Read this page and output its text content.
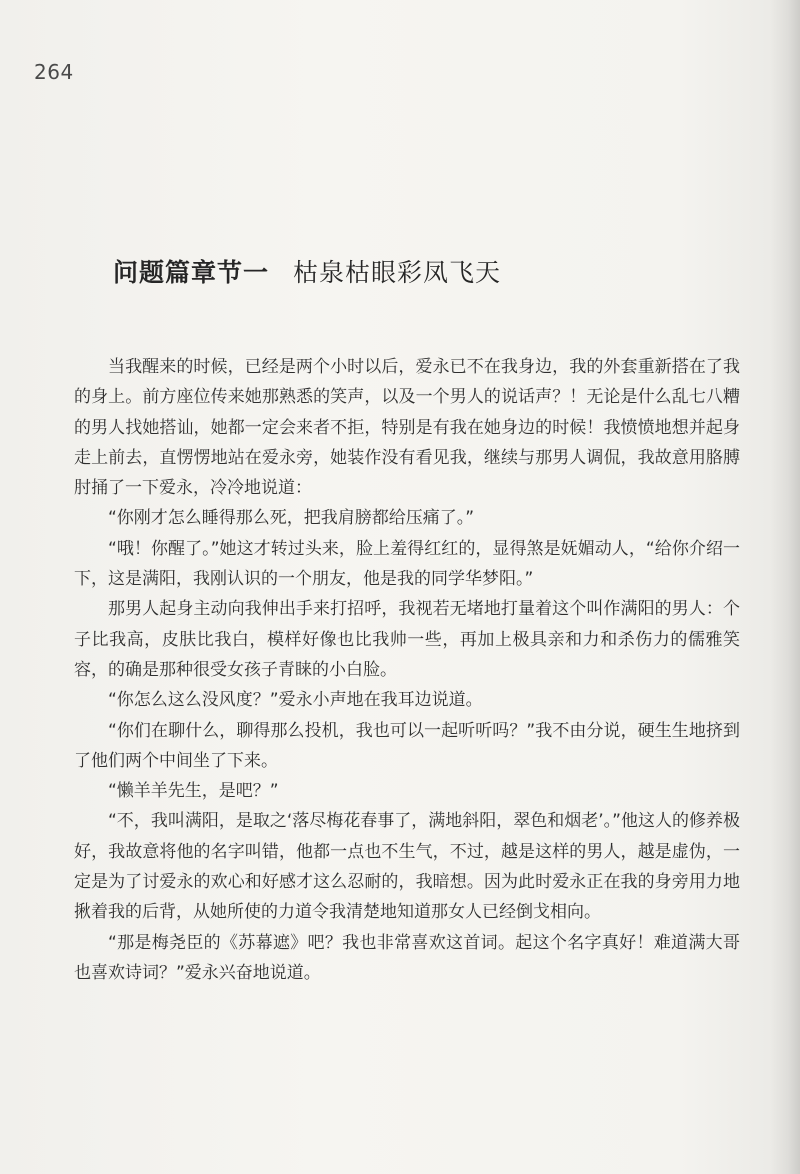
264
问题篇章节一 枯泉枯眼彩凤飞天

当我醒来的时候，已经是两个小时以后，爱永已不在我身边，我的外套重新搭在了我的身上。前方座位传来她那熟悉的笑声，以及一个男人的说话声？！无论是什么乱七八糟的男人找她搭讪，她都一定会来者不拒，特别是有我在她身边的时候！我愤愤地想并起身走上前去，直愣愣地站在爱永旁，她装作没有看见我，继续与那男人调侃，我故意用胳膊肘捅了一下爱永，冷冷地说道：

“你刚才怎么睡得那么死，把我肩膀都给压痛了。”

“哦！你醒了。”她这才转过头来，脸上羞得红红的，显得煞是妩媚动人，“给你介绍一下，这是满阳，我刚认识的一个朋友，他是我的同学华梦阳。”

那男人起身主动向我伸出手来打招呼，我视若无堵地打量着这个叫作满阳的男人：个子比我高，皮肤比我白，模样好像也比我帅一些，再加上极具亲和力和杀伤力的儒雅笑容，的确是那种很受女孩子青睐的小白脸。

“你怎么这么没风度？”爱永小声地在我耳边说道。

“你们在聊什么，聊得那么投机，我也可以一起听听吗？”我不由分说，硬生生地挤到了他们两个中间坐了下来。

“懒羊羊先生，是吧？”

“不，我叫满阳，是取之‘落尽梅花春事了，满地斜阳，翠色和烟老’。”他这人的修养极好，我故意将他的名字叫错，他都一点也不生气，不过，越是这样的男人，越是虚伪，一定是为了讨爱永的欢心和好感才这么忍耐的，我暗想。因为此时爱永正在我的身旁用力地揪着我的后背，从她所使的力道令我清楚地知道那女人已经倒戈相向。

“那是梅尧臣的《苏幕遮》吧？我也非常喜欢这首词。起这个名字真好！难道满大哥也喜欢诗词？”爱永兴奋地说道。
